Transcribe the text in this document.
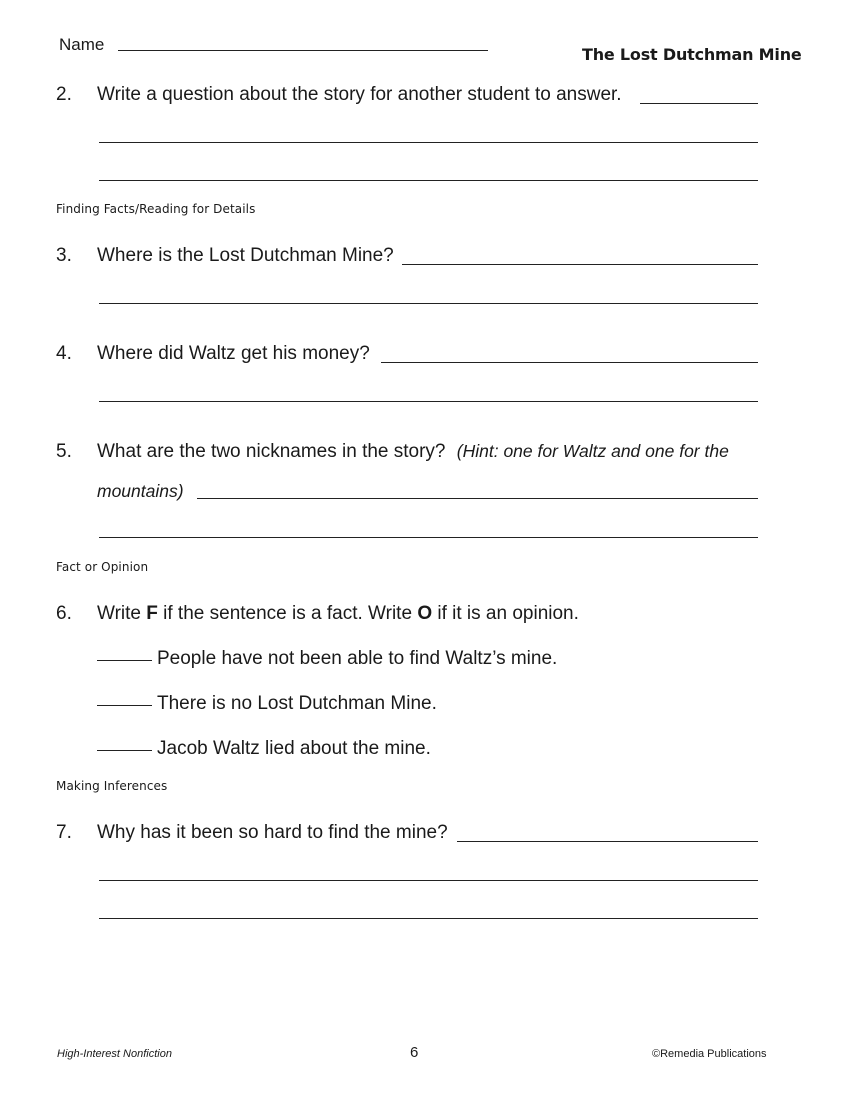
Name
The Lost Dutchman Mine
2. Write a question about the story for another student to answer.
Finding Facts/Reading for Details
3. Where is the Lost Dutchman Mine?
4. Where did Waltz get his money?
5. What are the two nicknames in the story? (Hint: one for Waltz and one for the
mountains)
Fact or Opinion
6. Write F if the sentence is a fact. Write O if it is an opinion.
People have not been able to find Waltz’s mine.
There is no Lost Dutchman Mine.
Jacob Waltz lied about the mine.
Making Inferences
7. Why has it been so hard to find the mine?
High-Interest Nonfiction	6	©Remedia Publications
